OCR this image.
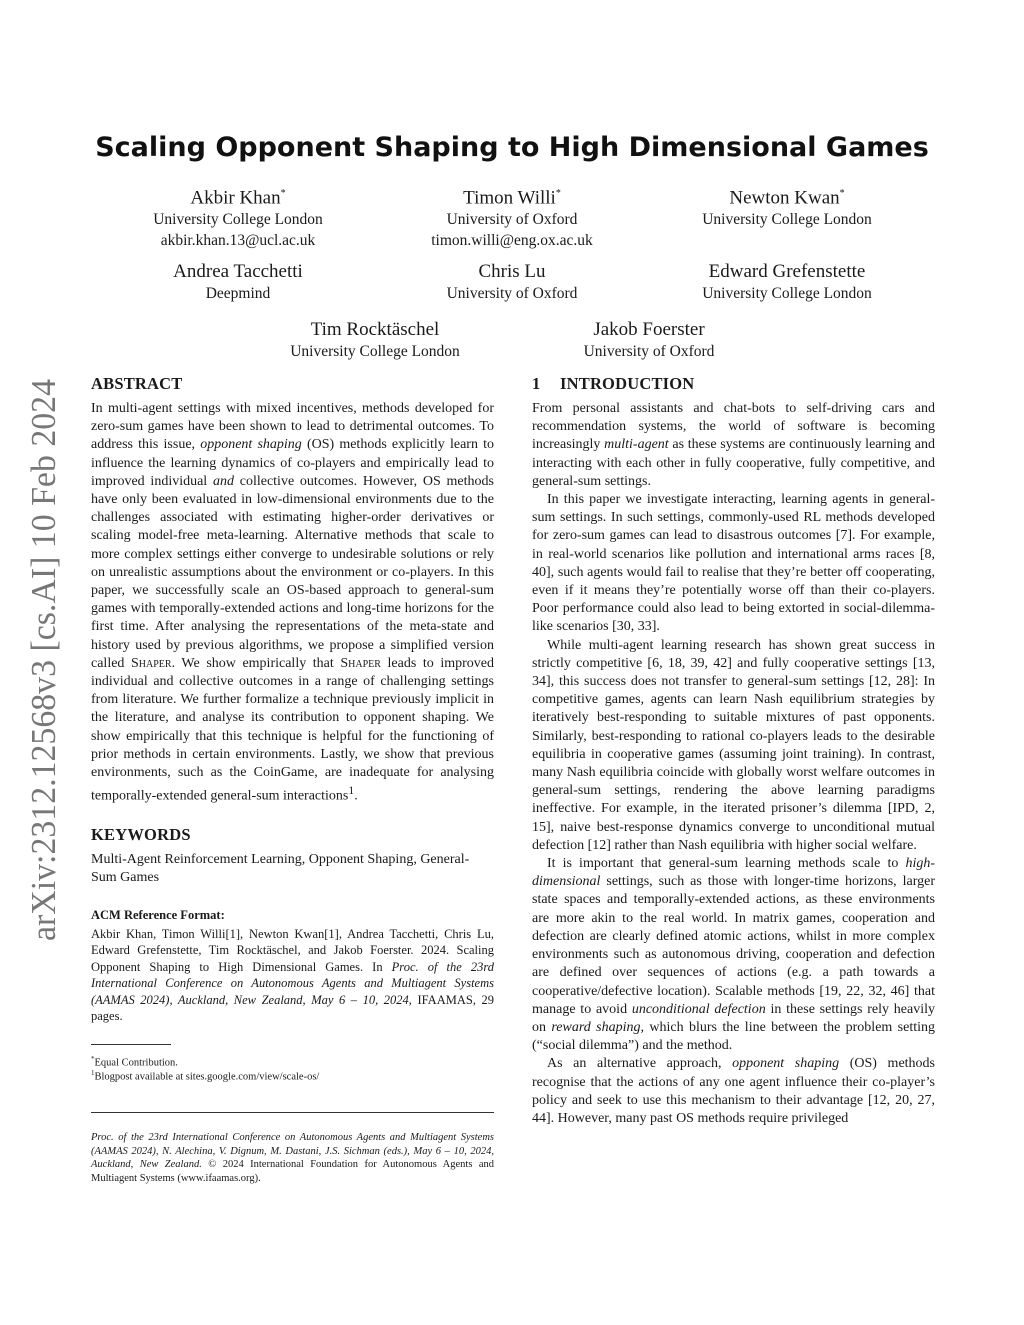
arXiv:2312.12568v3 [cs.AI] 10 Feb 2024
Scaling Opponent Shaping to High Dimensional Games
Akbir Khan*
University College London
akbir.khan.13@ucl.ac.uk
Timon Willi*
University of Oxford
timon.willi@eng.ox.ac.uk
Newton Kwan*
University College London
Andrea Tacchetti
Deepmind
Chris Lu
University of Oxford
Edward Grefenstette
University College London
Tim Rocktäschel
University College London
Jakob Foerster
University of Oxford
ABSTRACT

In multi-agent settings with mixed incentives, methods developed for zero-sum games have been shown to lead to detrimental outcomes. To address this issue, opponent shaping (OS) methods explicitly learn to influence the learning dynamics of co-players and empirically lead to improved individual and collective outcomes. However, OS methods have only been evaluated in low-dimensional environments due to the challenges associated with estimating higher-order derivatives or scaling model-free meta-learning. Alternative methods that scale to more complex settings either converge to undesirable solutions or rely on unrealistic assumptions about the environment or co-players. In this paper, we successfully scale an OS-based approach to general-sum games with temporally-extended actions and long-time horizons for the first time. After analysing the representations of the meta-state and history used by previous algorithms, we propose a simplified version called Shaper. We show empirically that Shaper leads to improved individual and collective outcomes in a range of challenging settings from literature. We further formalize a technique previously implicit in the literature, and analyse its contribution to opponent shaping. We show empirically that this technique is helpful for the functioning of prior methods in certain environments. Lastly, we show that previous environments, such as the CoinGame, are inadequate for analysing temporally-extended general-sum interactions$^1$.

KEYWORDS

Multi-Agent Reinforcement Learning, Opponent Shaping, General-Sum Games

ACM Reference Format:

Akbir Khan, Timon Willi[1], Newton Kwan[1], Andrea Tacchetti, Chris Lu, Edward Grefenstette, Tim Rocktäschel, and Jakob Foerster. 2024. Scaling Opponent Shaping to High Dimensional Games. In Proc. of the 23rd International Conference on Autonomous Agents and Multiagent Systems (AAMAS 2024), Auckland, New Zealand, May 6 – 10, 2024, IFAAMAS, 29 pages.

*Equal Contribution.
$^1$Blogpost available at sites.google.com/view/scale-os/
Proc. of the 23rd International Conference on Autonomous Agents and Multiagent Systems (AAMAS 2024), N. Alechina, V. Dignum, M. Dastani, J.S. Sichman (eds.), May 6 – 10, 2024, Auckland, New Zealand. © 2024 International Foundation for Autonomous Agents and Multiagent Systems (www.ifaamas.org).
1 INTRODUCTION

From personal assistants and chat-bots to self-driving cars and recommendation systems, the world of software is becoming increasingly multi-agent as these systems are continuously learning and interacting with each other in fully cooperative, fully competitive, and general-sum settings.

In this paper we investigate interacting, learning agents in general-sum settings. In such settings, commonly-used RL methods developed for zero-sum games can lead to disastrous outcomes [7]. For example, in real-world scenarios like pollution and international arms races [8, 40], such agents would fail to realise that they’re better off cooperating, even if it means they’re potentially worse off than their co-players. Poor performance could also lead to being extorted in social-dilemma-like scenarios [30, 33].

While multi-agent learning research has shown great success in strictly competitive [6, 18, 39, 42] and fully cooperative settings [13, 34], this success does not transfer to general-sum settings [12, 28]: In competitive games, agents can learn Nash equilibrium strategies by iteratively best-responding to suitable mixtures of past opponents. Similarly, best-responding to rational co-players leads to the desirable equilibria in cooperative games (assuming joint training). In contrast, many Nash equilibria coincide with globally worst welfare outcomes in general-sum settings, rendering the above learning paradigms ineffective. For example, in the iterated prisoner’s dilemma [IPD, 2, 15], naive best-response dynamics converge to unconditional mutual defection [12] rather than Nash equilibria with higher social welfare.

It is important that general-sum learning methods scale to high-dimensional settings, such as those with longer-time horizons, larger state spaces and temporally-extended actions, as these environments are more akin to the real world. In matrix games, cooperation and defection are clearly defined atomic actions, whilst in more complex environments such as autonomous driving, cooperation and defection are defined over sequences of actions (e.g. a path towards a cooperative/defective location). Scalable methods [19, 22, 32, 46] that manage to avoid unconditional defection in these settings rely heavily on reward shaping, which blurs the line between the problem setting (“social dilemma”) and the method.

As an alternative approach, opponent shaping (OS) methods recognise that the actions of any one agent influence their co-player’s policy and seek to use this mechanism to their advantage [12, 20, 27, 44]. However, many past OS methods require privileged
